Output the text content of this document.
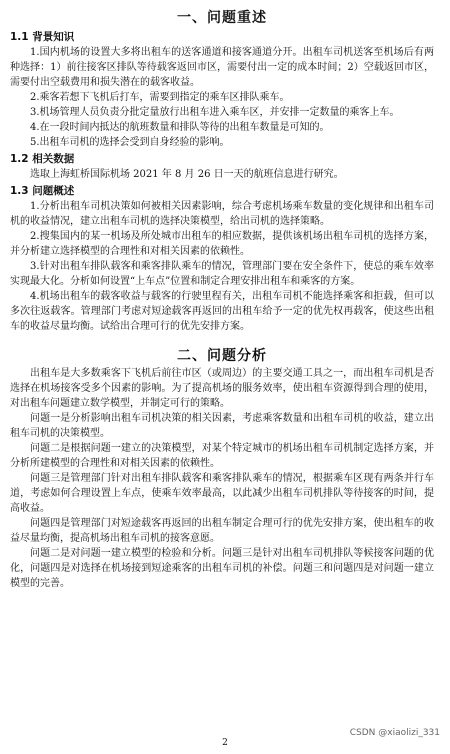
一、问题重述
1.1 背景知识

1.国内机场的设置大多将出租车的送客通道和接客通道分开。出租车司机送客至机场后有两种选择：1）前往接客区排队等待载客返回市区，需要付出一定的成本时间；2）空载返回市区，需要付出空载费用和损失潜在的载客收益。

2.乘客若想下飞机后打车，需要到指定的乘车区排队乘车。

3.机场管理人员负责分批定量放行出租车进入乘车区，并安排一定数量的乘客上车。

4.在一段时间内抵达的航班数量和排队等待的出租车数量是可知的。

5.出租车司机的选择会受到自身经验的影响。

1.2 相关数据

选取上海虹桥国际机场 2021 年 8 月 26 日一天的航班信息进行研究。

1.3 问题概述

1.分析出租车司机决策如何被相关因素影响，综合考虑机场乘车数量的变化规律和出租车司机的收益情况，建立出租车司机的选择决策模型，给出司机的选择策略。

2.搜集国内的某一机场及所处城市出租车的相应数据，提供该机场出租车司机的选择方案，并分析建立选择模型的合理性和对相关因素的依赖性。

3.针对出租车排队载客和乘客排队乘车的情况，管理部门要在安全条件下，使总的乘车效率实现最大化。分析如何设置“上车点”位置和制定合理安排出租车和乘客的方案。

4.机场出租车的载客收益与载客的行驶里程有关，出租车司机不能选择乘客和拒载，但可以多次往返载客。管理部门考虑对短途载客再返回的出租车给予一定的优先权再载客，使这些出租车的收益尽量均衡。试给出合理可行的优先安排方案。

二、问题分析

出租车是大多数乘客下飞机后前往市区（或周边）的主要交通工具之一，而出租车司机是否选择在机场接客受多个因素的影响。为了提高机场的服务效率，使出租车资源得到合理的使用，对出租车问题建立数学模型，并制定可行的策略。

问题一是分析影响出租车司机决策的相关因素，考虑乘客数量和出租车司机的收益，建立出租车司机的决策模型。

问题二是根据问题一建立的决策模型，对某个特定城市的机场出租车司机制定选择方案，并分析所建模型的合理性和对相关因素的依赖性。

问题三是管理部门针对出租车排队载客和乘客排队乘车的情况，根据乘车区现有两条并行车道，考虑如何合理设置上车点，使乘车效率最高，以此减少出租车司机排队等待接客的时间，提高收益。

问题四是管理部门对短途载客再返回的出租车制定合理可行的优先安排方案，使出租车的收益尽量均衡，提高机场出租车司机的接客意愿。

问题二是对问题一建立模型的检验和分析。问题三是针对出租车司机排队等候接客问题的优化，问题四是对选择在机场接到短途乘客的出租车司机的补偿。问题三和问题四是对问题一建立模型的完善。

2
CSDN @xiaolizi_331
